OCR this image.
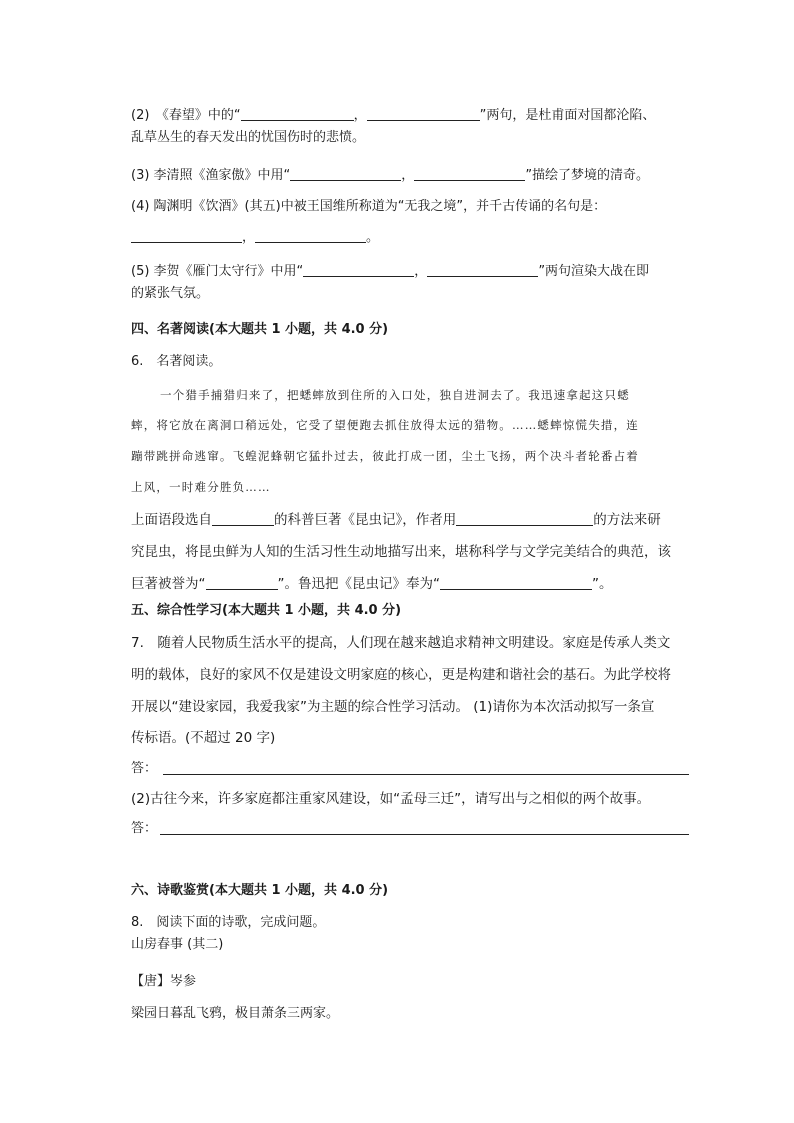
(2)　《春望》中的“	，	”两句，是杜甫面对国都沦陷、
乱草丛生的春天发出的忧国伤时的悲愤。
(3) 李清照《渔家傲》中用“	，	”描绘了梦境的清奇。
(4) 陶渊明《饮酒》(其五)中被王国维所称道为“无我之境”，并千古传诵的名句是：
，	。
(5) 李贺《雁门太守行》中用“	，	”两句渲染大战在即
的紧张气氛。
四、名著阅读(本大题共 1 小题，共 4.0 分)
6.　名著阅读。
一个猎手捕猎归来了，把蟋蟀放到住所的入口处，独自进洞去了。我迅速拿起这只蟋
蟀，将它放在离洞口稍远处，它受了望便跑去抓住放得太远的猎物。……蟋蟀惊慌失措，连
蹦带跳拼命逃窜。飞蝗泥蜂朝它猛扑过去，彼此打成一团，尘土飞扬，两个决斗者轮番占着
上风，一时难分胜负……
上面语段选自	的科普巨著《昆虫记》，作者用	的方法来研
究昆虫，将昆虫鲜为人知的生活习性生动地描写出来，堪称科学与文学完美结合的典范，该
巨著被誉为“	”。鲁迅把《昆虫记》奉为“	”。
五、综合性学习(本大题共 1 小题，共 4.0 分)
7.　随着人民物质生活水平的提高，人们现在越来越追求精神文明建设。家庭是传承人类文
明的载体，良好的家风不仅是建设文明家庭的核心，更是构建和谐社会的基石。为此学校将
开展以“建设家园，我爱我家”为主题的综合性学习活动。 (1)请你为本次活动拟写一条宣
传标语。(不超过 20 字)
答：
(2)古往今来，许多家庭都注重家风建设，如“孟母三迁”，请写出与之相似的两个故事。
答：
六、诗歌鉴赏(本大题共 1 小题，共 4.0 分)
8.　阅读下面的诗歌，完成问题。
山房春事 (其二)
【唐】岑参
梁园日暮乱飞鸦，极目萧条三两家。
